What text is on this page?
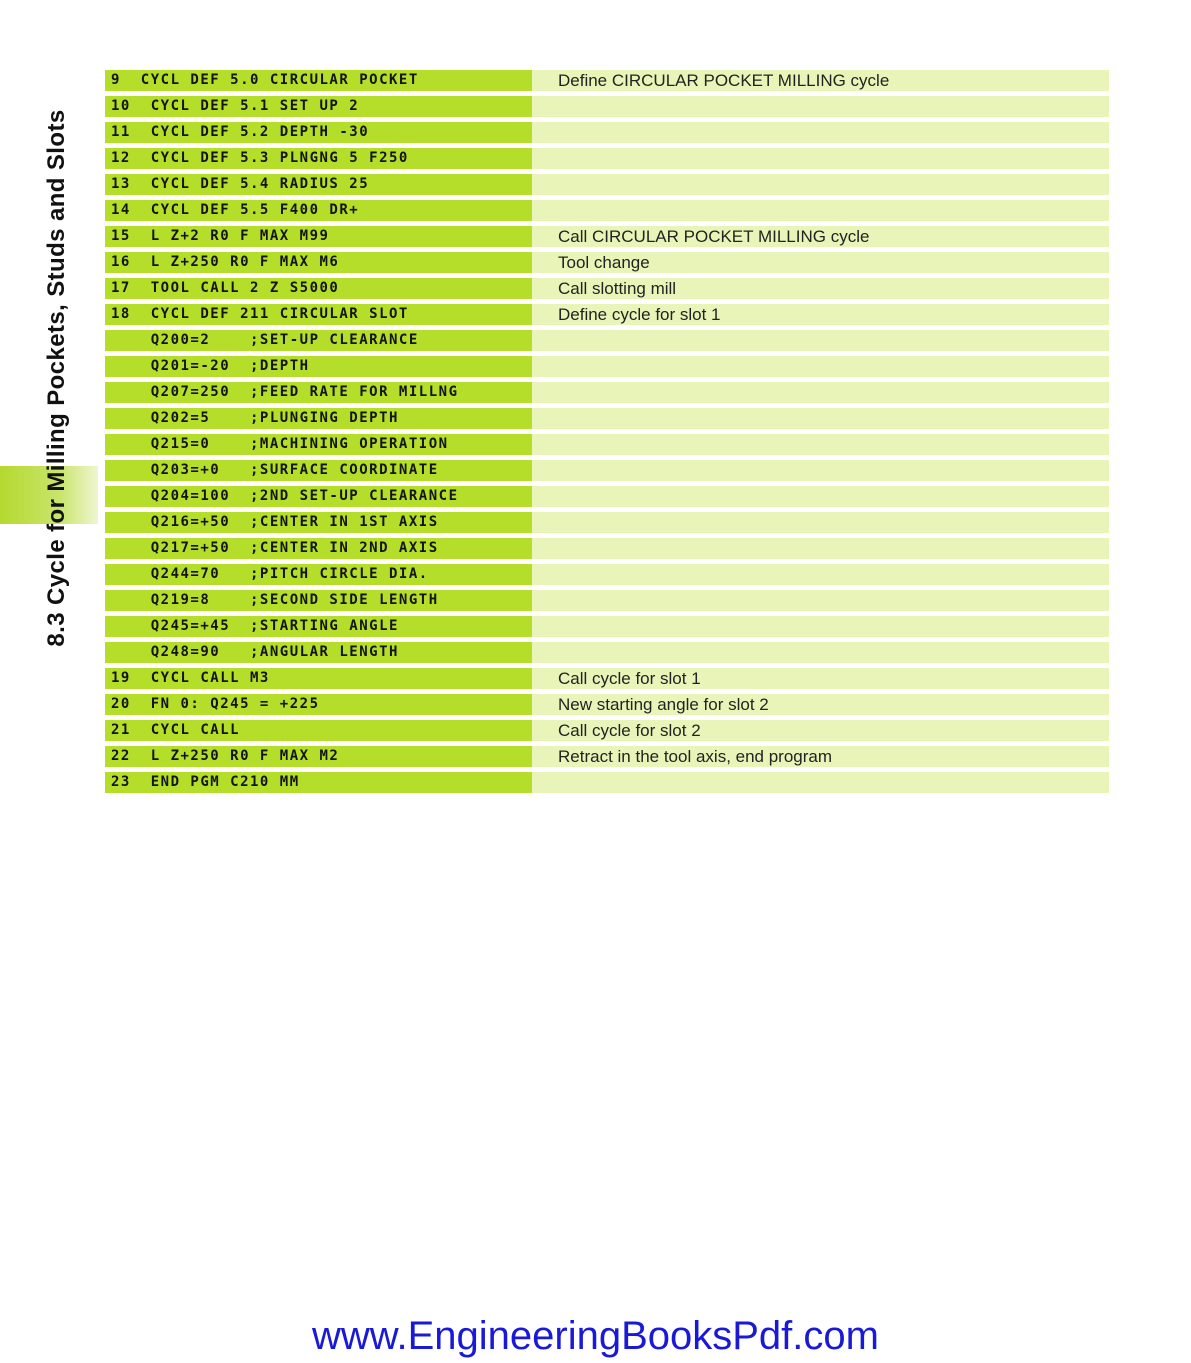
8.3 Cycle for Milling Pockets, Studs and Slots
9  CYCL DEF 5.0 CIRCULAR POCKET	Define CIRCULAR POCKET MILLING cycle
10  CYCL DEF 5.1 SET UP 2
11  CYCL DEF 5.2 DEPTH -30
12  CYCL DEF 5.3 PLNGNG 5 F250
13  CYCL DEF 5.4 RADIUS 25
14  CYCL DEF 5.5 F400 DR+
15  L Z+2 R0 F MAX M99	Call CIRCULAR POCKET MILLING cycle
16  L Z+250 R0 F MAX M6	Tool change
17  TOOL CALL 2 Z S5000	Call slotting mill
18  CYCL DEF 211 CIRCULAR SLOT	Define cycle for slot 1
Q200=2    ;SET-UP CLEARANCE
Q201=-20  ;DEPTH
Q207=250  ;FEED RATE FOR MILLNG
Q202=5    ;PLUNGING DEPTH
Q215=0    ;MACHINING OPERATION
Q203=+0   ;SURFACE COORDINATE
Q204=100  ;2ND SET-UP CLEARANCE
Q216=+50  ;CENTER IN 1ST AXIS
Q217=+50  ;CENTER IN 2ND AXIS
Q244=70   ;PITCH CIRCLE DIA.
Q219=8    ;SECOND SIDE LENGTH
Q245=+45  ;STARTING ANGLE
Q248=90   ;ANGULAR LENGTH
19  CYCL CALL M3	Call cycle for slot 1
20  FN 0: Q245 = +225	New starting angle for slot 2
21  CYCL CALL	Call cycle for slot 2
22  L Z+250 R0 F MAX M2	Retract in the tool axis, end program
23  END PGM C210 MM
www.EngineeringBooksPdf.com
